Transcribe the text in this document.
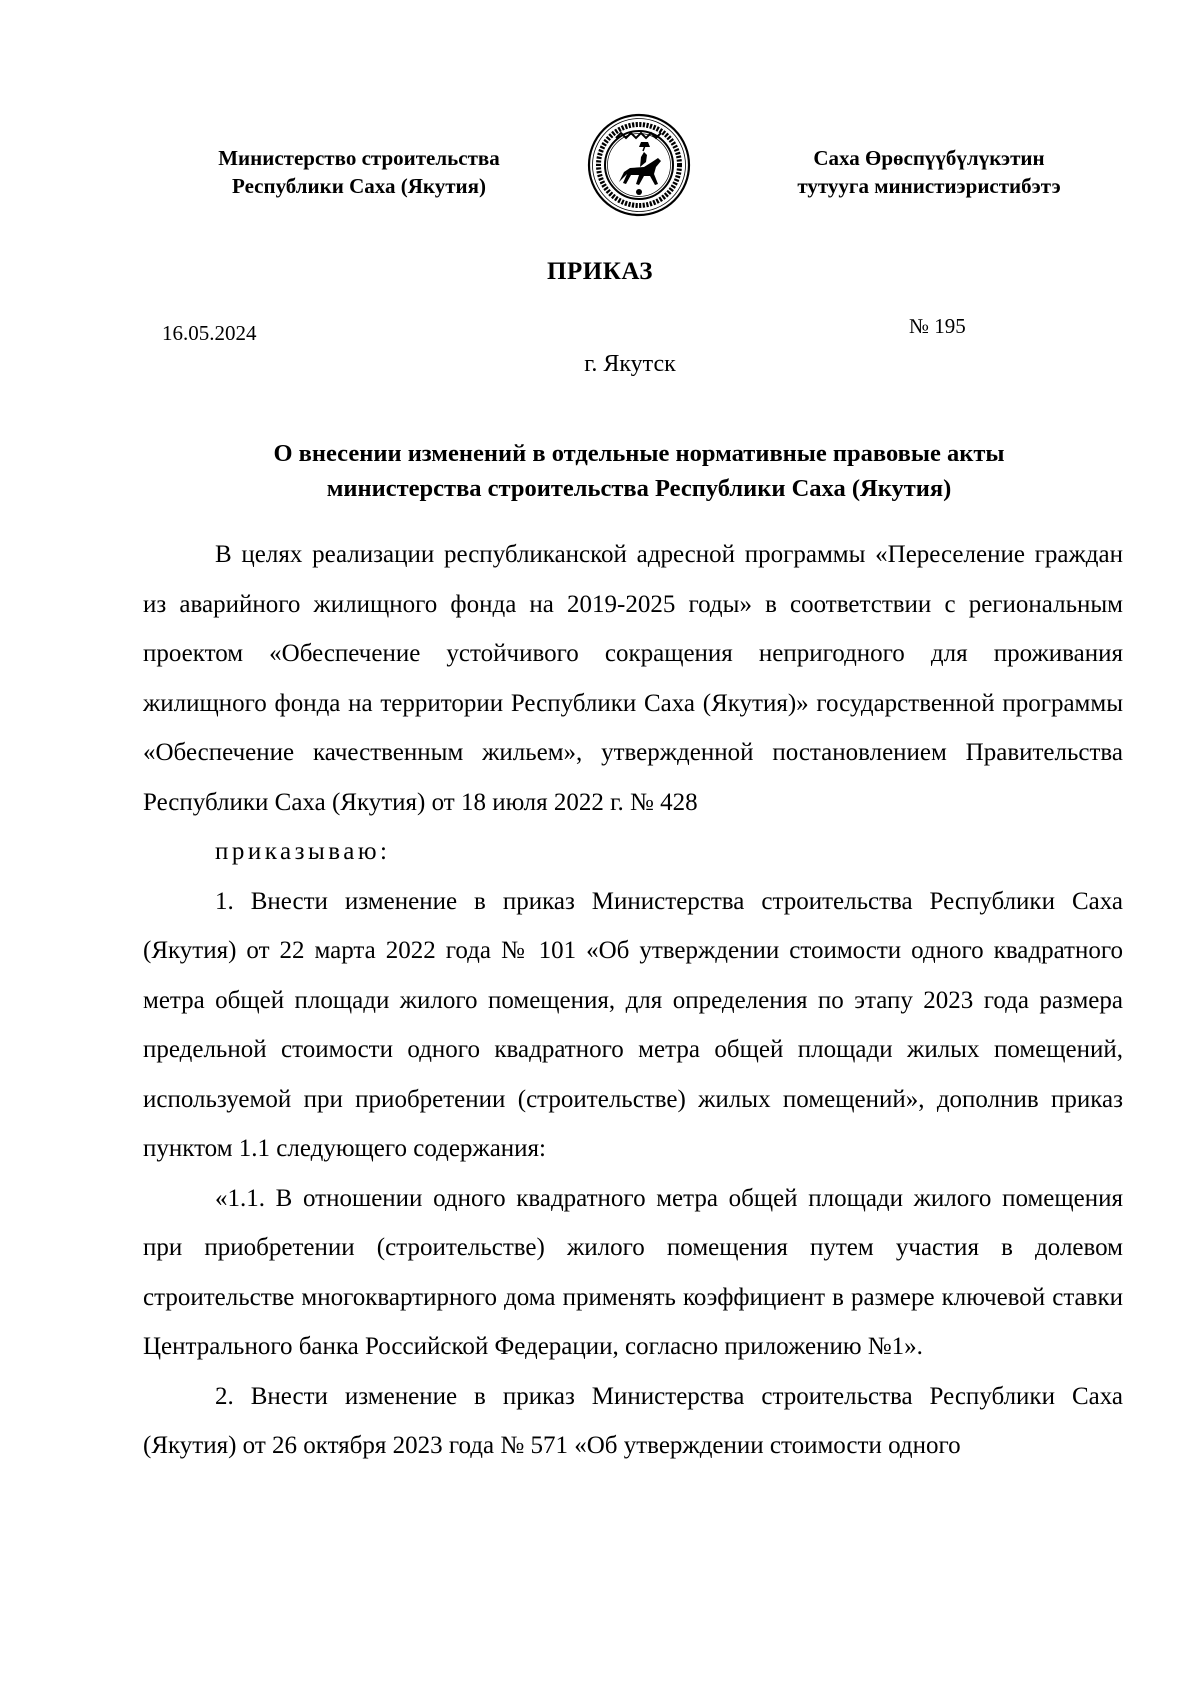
Министерство строительства
Республики Саха (Якутия)
Саха Өрөспүүбүлүкэтин
тутууга министиэристибэтэ
ПРИКАЗ
16.05.2024	№ 195
г. Якутск
О внесении изменений в отдельные нормативные правовые акты
министерства строительства Республики Саха (Якутия)

В целях реализации республиканской адресной программы «Переселение граждан из аварийного жилищного фонда на 2019-2025 годы» в соответствии с региональным проектом «Обеспечение устойчивого сокращения непригодного для проживания жилищного фонда на территории Республики Саха (Якутия)» государственной программы «Обеспечение качественным жильем», утвержденной постановлением Правительства Республики Саха (Якутия) от 18 июля 2022 г. № 428

приказываю:

1. Внести изменение в приказ Министерства строительства Республики Саха (Якутия) от 22 марта 2022 года № 101 «Об утверждении стоимости одного квадратного метра общей площади жилого помещения, для определения по этапу 2023 года размера предельной стоимости одного квадратного метра общей площади жилых помещений, используемой при приобретении (строительстве) жилых помещений», дополнив приказ пунктом 1.1 следующего содержания:

«1.1. В отношении одного квадратного метра общей площади жилого помещения при приобретении (строительстве) жилого помещения путем участия в долевом строительстве многоквартирного дома применять коэффициент в размере ключевой ставки Центрального банка Российской Федерации, согласно приложению №1».

2. Внести изменение в приказ Министерства строительства Республики Саха (Якутия) от 26 октября 2023 года № 571 «Об утверждении стоимости одного
